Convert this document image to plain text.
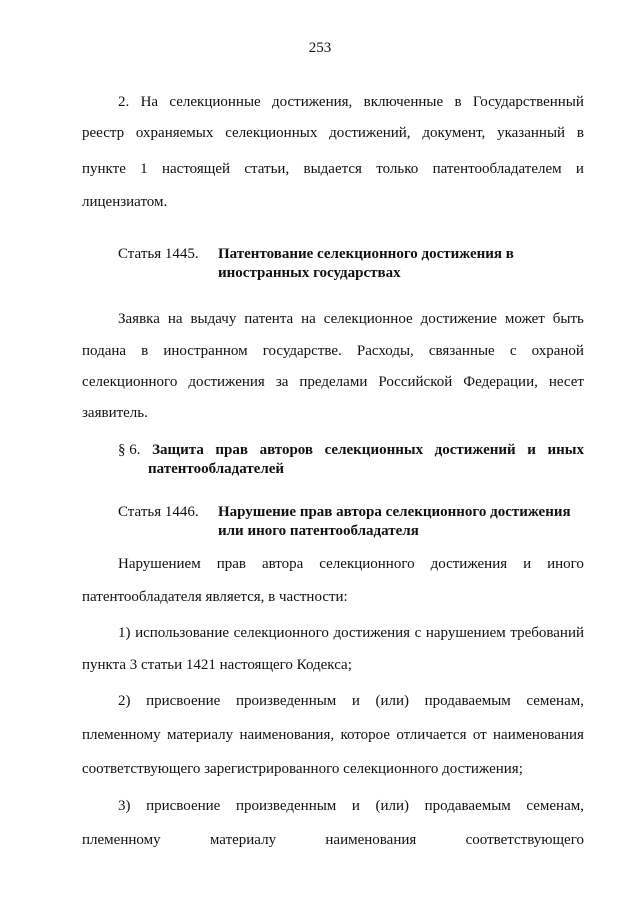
253
2. На селекционные достижения, включенные в Государственный
реестр охраняемых селекционных достижений, документ, указанный в
пункте 1 настоящей статьи, выдается только патентообладателем и
лицензиатом.
Статья 1445. Патентование селекционного достижения в
иностранных государствах
Заявка на выдачу патента на селекционное достижение может быть
подана в иностранном государстве. Расходы, связанные с охраной
селекционного достижения за пределами Российской Федерации, несет
заявитель.
§ 6. Защита прав авторов селекционных достижений и иных
патентообладателей
Статья 1446. Нарушение прав автора селекционного достижения
или иного патентообладателя
Нарушением прав автора селекционного достижения и иного
патентообладателя является, в частности:
1) использование селекционного достижения с нарушением требований
пункта 3 статьи 1421 настоящего Кодекса;
2) присвоение произведенным и (или) продаваемым семенам,
племенному материалу наименования, которое отличается от наименования
соответствующего зарегистрированного селекционного достижения;
3) присвоение произведенным и (или) продаваемым семенам,
племенному	материалу	наименования	соответствующего
